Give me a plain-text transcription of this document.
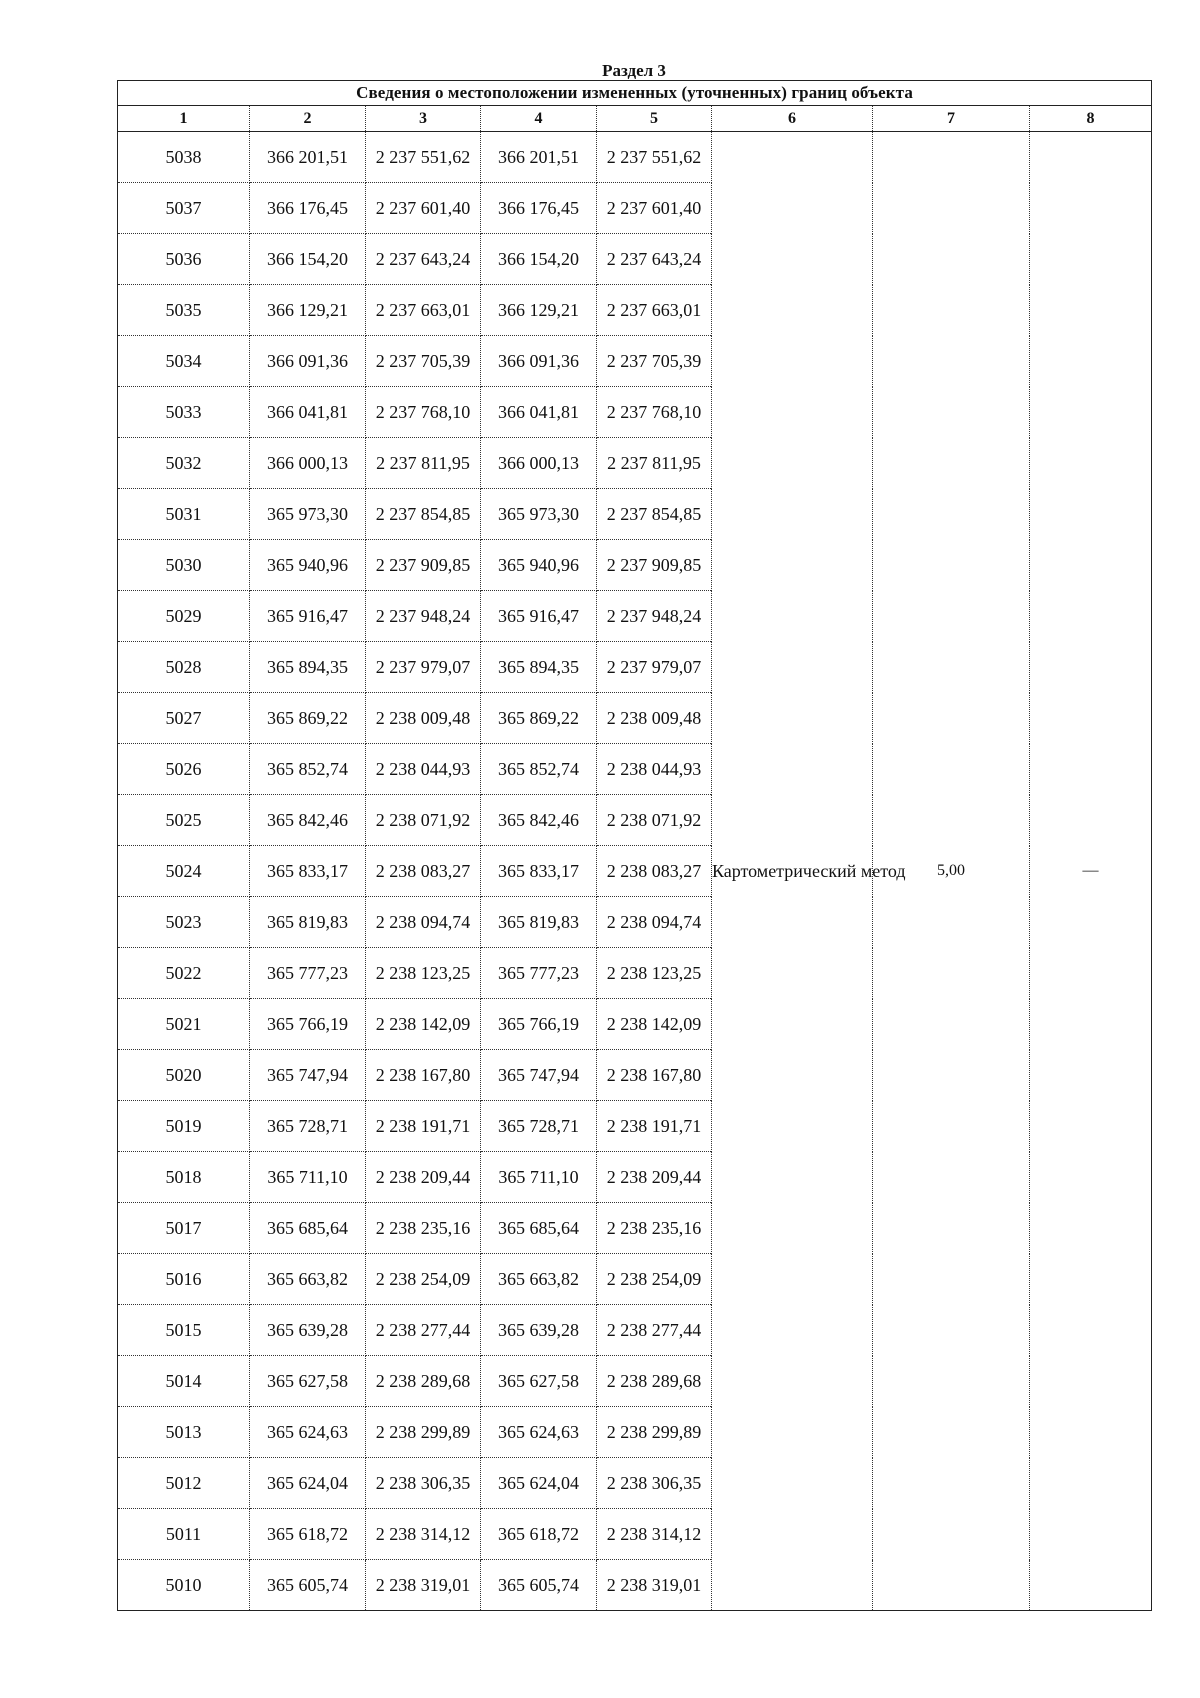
Раздел 3
Сведения о местоположении измененных (уточненных) границ объекта							
1	2	3	4	5	6	7	8
5038	366 201,51	2 237 551,62	366 201,51	2 237 551,62	Картометрический метод	5,00	—
5037	366 176,45	2 237 601,40	366 176,45	2 237 601,40			
5036	366 154,20	2 237 643,24	366 154,20	2 237 643,24			
5035	366 129,21	2 237 663,01	366 129,21	2 237 663,01			
5034	366 091,36	2 237 705,39	366 091,36	2 237 705,39			
5033	366 041,81	2 237 768,10	366 041,81	2 237 768,10			
5032	366 000,13	2 237 811,95	366 000,13	2 237 811,95			
5031	365 973,30	2 237 854,85	365 973,30	2 237 854,85			
5030	365 940,96	2 237 909,85	365 940,96	2 237 909,85			
5029	365 916,47	2 237 948,24	365 916,47	2 237 948,24			
5028	365 894,35	2 237 979,07	365 894,35	2 237 979,07			
5027	365 869,22	2 238 009,48	365 869,22	2 238 009,48			
5026	365 852,74	2 238 044,93	365 852,74	2 238 044,93			
5025	365 842,46	2 238 071,92	365 842,46	2 238 071,92			
5024	365 833,17	2 238 083,27	365 833,17	2 238 083,27			
5023	365 819,83	2 238 094,74	365 819,83	2 238 094,74			
5022	365 777,23	2 238 123,25	365 777,23	2 238 123,25			
5021	365 766,19	2 238 142,09	365 766,19	2 238 142,09			
5020	365 747,94	2 238 167,80	365 747,94	2 238 167,80			
5019	365 728,71	2 238 191,71	365 728,71	2 238 191,71			
5018	365 711,10	2 238 209,44	365 711,10	2 238 209,44			
5017	365 685,64	2 238 235,16	365 685,64	2 238 235,16			
5016	365 663,82	2 238 254,09	365 663,82	2 238 254,09			
5015	365 639,28	2 238 277,44	365 639,28	2 238 277,44			
5014	365 627,58	2 238 289,68	365 627,58	2 238 289,68			
5013	365 624,63	2 238 299,89	365 624,63	2 238 299,89			
5012	365 624,04	2 238 306,35	365 624,04	2 238 306,35			
5011	365 618,72	2 238 314,12	365 618,72	2 238 314,12			
5010	365 605,74	2 238 319,01	365 605,74	2 238 319,01			
